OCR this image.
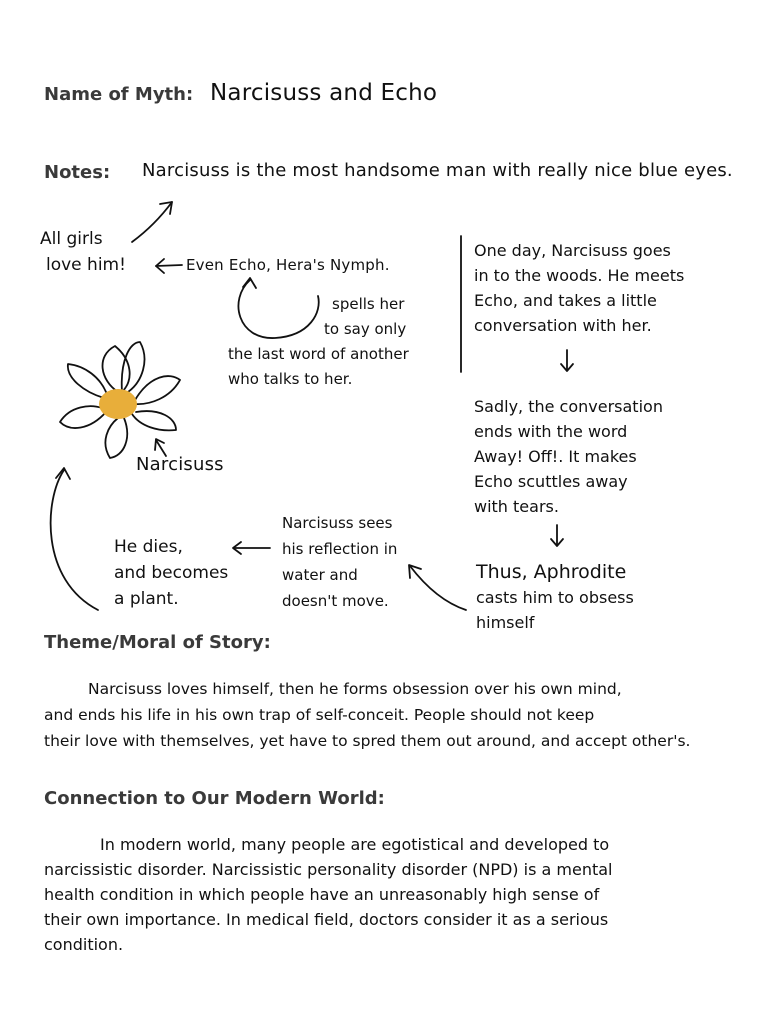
Name of Myth: Narcisuss and Echo
Notes: Narcisuss is the most handsome man with really nice blue eyes.
All girls
love him!	Even Echo, Hera's Nymph.
spells her
to say only
the last word of another
who talks to her.
Narcisuss
One day, Narcisuss goes
in to the woods. He meets
Echo, and takes a little
conversation with her.
Sadly, the conversation
ends with the word
Away! Off!. It makes
Echo scuttles away
with tears.
Thus, Aphrodite
casts him to obsess
himself
Narcisuss sees
his reflection in
water and
doesn't move.
He dies,
and becomes
a plant.
Theme/Moral of Story:
Narcisuss loves himself, then he forms obsession over his own mind,
and ends his life in his own trap of self-conceit. People should not keep
their love with themselves, yet have to spred them out around, and accept other's.
Connection to Our Modern World:
In modern world, many people are egotistical and developed to
narcissistic disorder. Narcissistic personality disorder (NPD) is a mental
health condition in which people have an unreasonably high sense of
their own importance. In medical field, doctors consider it as a serious
condition.
